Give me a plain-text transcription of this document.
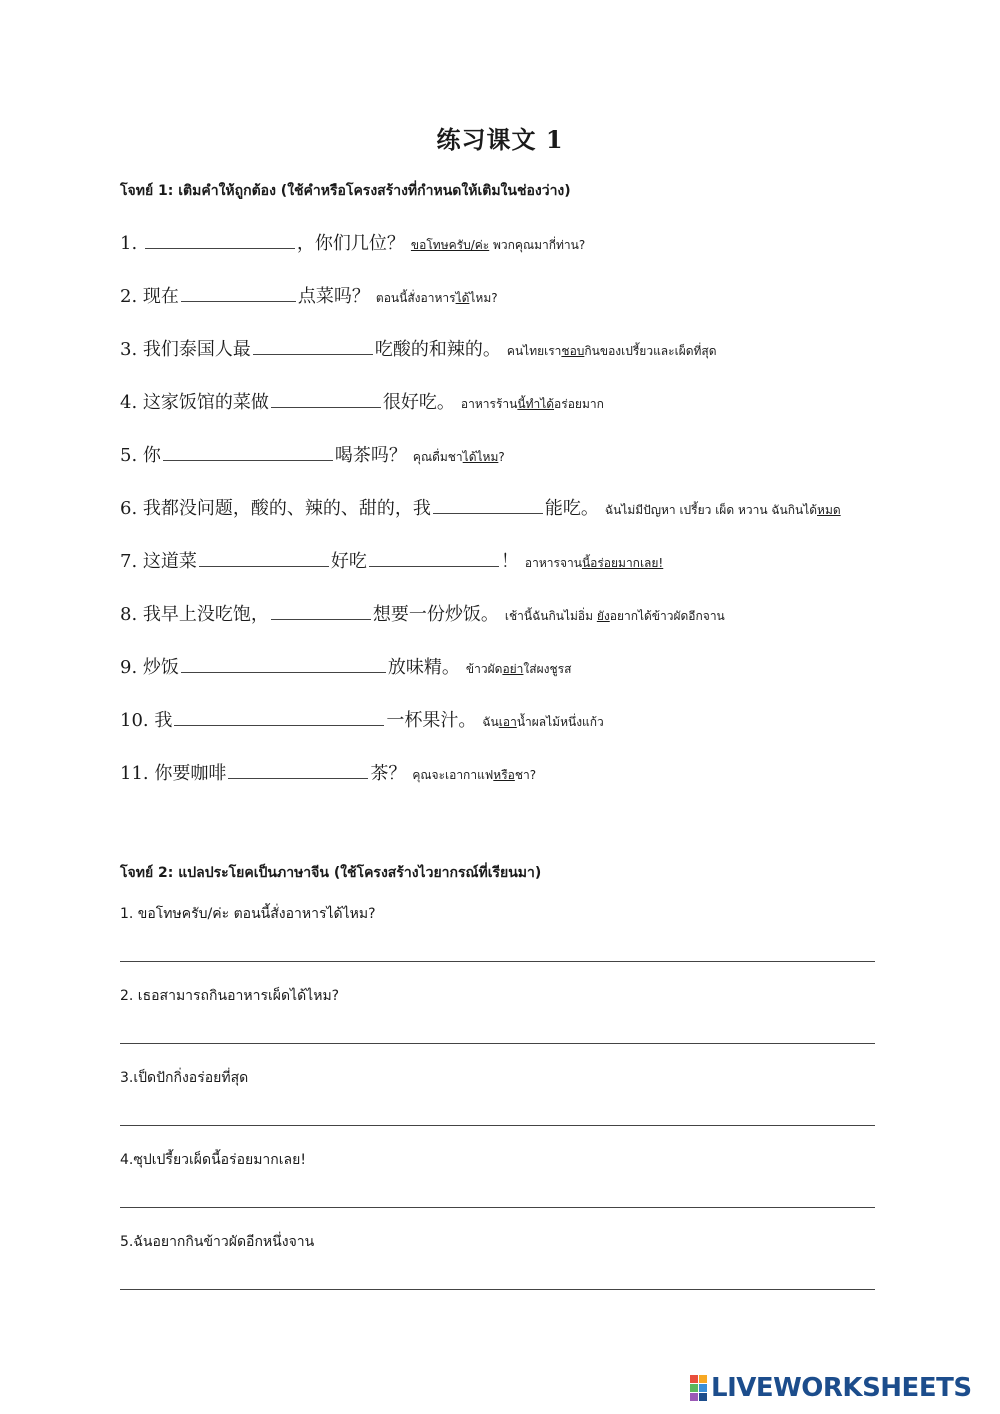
练习课文 1
โจทย์ 1: เติมคำให้ถูกต้อง (ใช้คำหรือโครงสร้างที่กำหนดให้เติมในช่องว่าง)
1.	，你们几位？ ขอโทษครับ/ค่ะ พวกคุณมากี่ท่าน?
2. 现在	点菜吗？ ตอนนี้สั่งอาหารได้ไหม?
3. 我们泰国人最	吃酸的和辣的。 คนไทยเราชอบกินของเปรี้ยวและเผ็ดที่สุด
4. 这家饭馆的菜做	很好吃。 อาหารร้านนี้ทำได้อร่อยมาก
5. 你	喝茶吗？ คุณดื่มชาได้ไหม?
6. 我都没问题，酸的、辣的、甜的，我	能吃。 ฉันไม่มีปัญหา เปรี้ยว เผ็ด หวาน ฉันกินได้หมด
7. 这道菜	好吃	！ อาหารจานนี้อร่อยมากเลย!
8. 我早上没吃饱，	想要一份炒饭。 เช้านี้ฉันกินไม่อิ่ม ยังอยากได้ข้าวผัดอีกจาน
9. 炒饭	放味精。 ข้าวผัดอย่าใส่ผงชูรส
10. 我	一杯果汁。 ฉันเอาน้ำผลไม้หนึ่งแก้ว
11. 你要咖啡	茶？ คุณจะเอากาแฟหรือชา?
โจทย์ 2: แปลประโยคเป็นภาษาจีน (ใช้โครงสร้างไวยากรณ์ที่เรียนมา)
1. ขอโทษครับ/ค่ะ ตอนนี้สั่งอาหารได้ไหม?
2. เธอสามารถกินอาหารเผ็ดได้ไหม?
3.เป็ดปักกิ่งอร่อยที่สุด
4.ซุปเปรี้ยวเผ็ดนี้อร่อยมากเลย!
5.ฉันอยากกินข้าวผัดอีกหนึ่งจาน
LIVEWORKSHEETS
